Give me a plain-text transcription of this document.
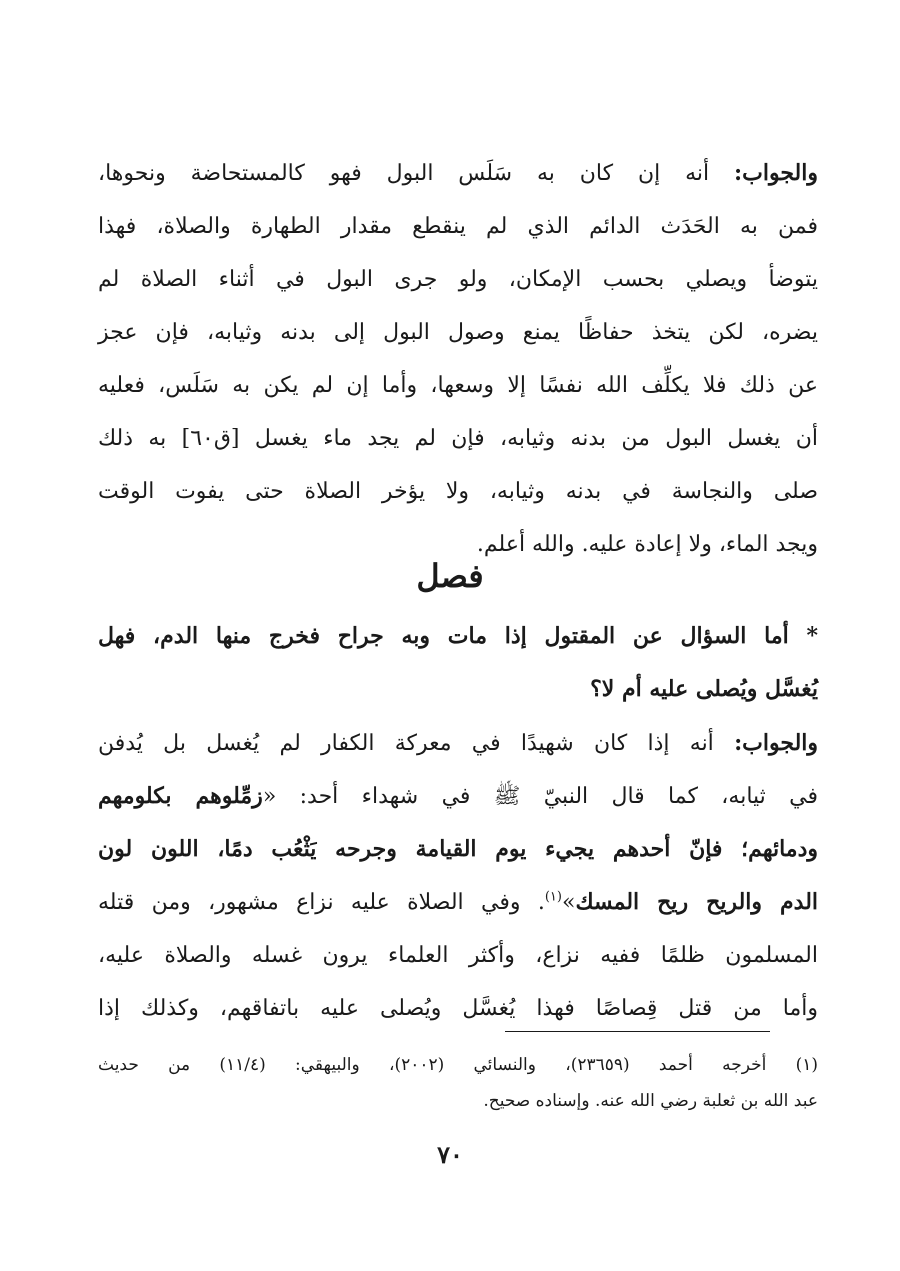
والجواب: أنه إن كان به سَلَس البول فهو كالمستحاضة ونحوها،
فمن به الحَدَث الدائم الذي لم ينقطع مقدار الطهارة والصلاة، فهذا
يتوضأ ويصلي بحسب الإمكان، ولو جرى البول في أثناء الصلاة لم
يضره، لكن يتخذ حفاظًا يمنع وصول البول إلى بدنه وثيابه، فإن عجز
عن ذلك فلا يكلِّف الله نفسًا إلا وسعها، وأما إن لم يكن به سَلَس، فعليه
أن يغسل البول من بدنه وثيابه، فإن لم يجد ماء يغسل [ق٦٠] به ذلك
صلى والنجاسة في بدنه وثيابه، ولا يؤخر الصلاة حتى يفوت الوقت
ويجد الماء، ولا إعادة عليه. والله أعلم.
فصل
* أما السؤال عن المقتول إذا مات وبه جراح فخرج منها الدم، فهل
يُغسَّل ويُصلى عليه أم لا؟
والجواب: أنه إذا كان شهيدًا في معركة الكفار لم يُغسل بل يُدفن
في ثيابه، كما قال النبيّ ﷺ في شهداء أحد: «زمِّلوهم بكلومهم
ودمائهم؛ فإنّ أحدهم يجيء يوم القيامة وجرحه يَثْعُب دمًا، اللون لون
الدم والريح ريح المسك»$^{(١)}$. وفي الصلاة عليه نزاع مشهور، ومن قتله
المسلمون ظلمًا ففيه نزاع، وأكثر العلماء يرون غسله والصلاة عليه،
وأما من قتل قِصاصًا فهذا يُغسَّل ويُصلى عليه باتفاقهم، وكذلك إذا
(١) أخرجه أحمد (٢٣٦٥٩)، والنسائي (٢٠٠٢)، والبيهقي: (١١/٤) من حديث
عبد الله بن ثعلبة رضي الله عنه. وإسناده صحيح.
٧٠
